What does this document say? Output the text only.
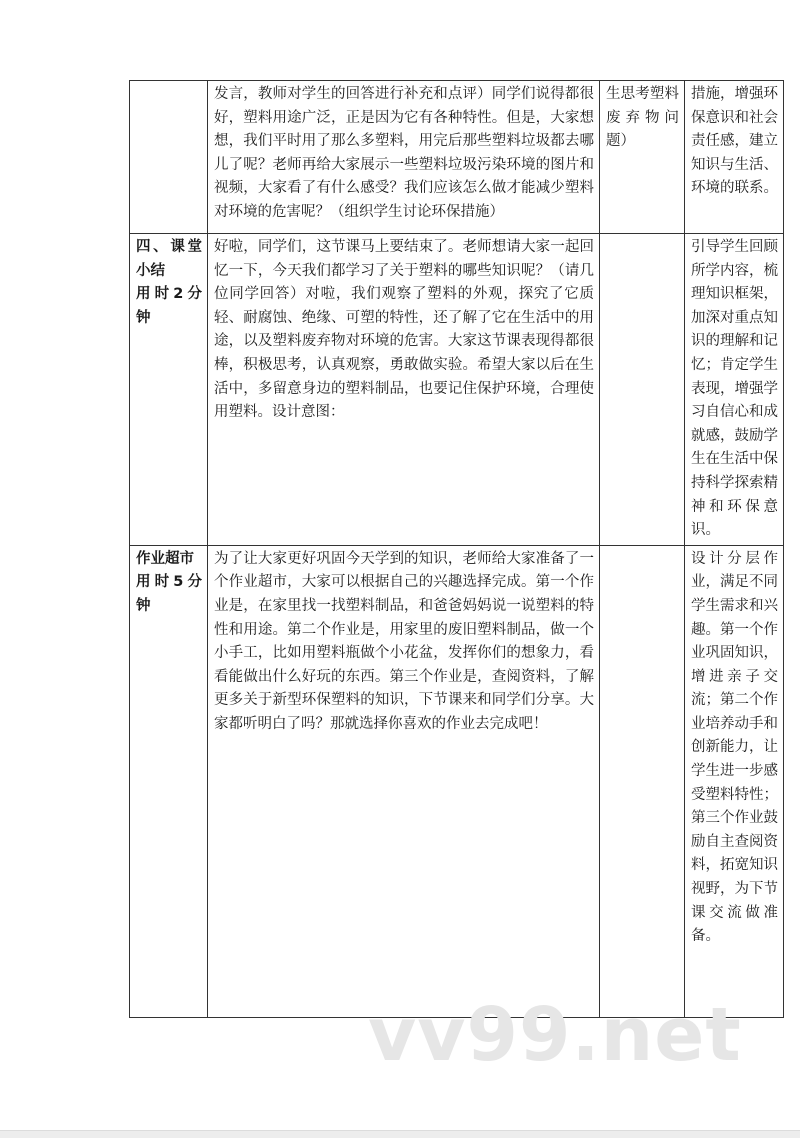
	发言，教师对学生的回答进行补充和点评）同学们说得都很好，塑料用途广泛，正是因为它有各种特性。但是，大家想想，我们平时用了那么多塑料，用完后那些塑料垃圾都去哪儿了呢？老师再给大家展示一些塑料垃圾污染环境的图片和视频，大家看了有什么感受？我们应该怎么做才能减少塑料对环境的危害呢？（组织学生讨论环保措施）	生思考塑料废弃物问题）	措施，增强环保意识和社会责任感，建立知识与生活、环境的联系。

四、课堂小结
用时2分钟	好啦，同学们，这节课马上要结束了。老师想请大家一起回忆一下，今天我们都学习了关于塑料的哪些知识呢？（请几位同学回答）对啦，我们观察了塑料的外观，探究了它质轻、耐腐蚀、绝缘、可塑的特性，还了解了它在生活中的用途，以及塑料废弃物对环境的危害。大家这节课表现得都很棒，积极思考，认真观察，勇敢做实验。希望大家以后在生活中，多留意身边的塑料制品，也要记住保护环境，合理使用塑料。设计意图：		引导学生回顾所学内容，梳理知识框架，加深对重点知识的理解和记忆；肯定学生表现，增强学习自信心和成就感，鼓励学生在生活中保持科学探索精神和环保意识。

作业超市
用时5分钟	为了让大家更好巩固今天学到的知识，老师给大家准备了一个作业超市，大家可以根据自己的兴趣选择完成。第一个作业是，在家里找一找塑料制品，和爸爸妈妈说一说塑料的特性和用途。第二个作业是，用家里的废旧塑料制品，做一个小手工，比如用塑料瓶做个小花盆，发挥你们的想象力，看看能做出什么好玩的东西。第三个作业是，查阅资料，了解更多关于新型环保塑料的知识，下节课来和同学们分享。大家都听明白了吗？那就选择你喜欢的作业去完成吧！		设计分层作业，满足不同学生需求和兴趣。第一个作业巩固知识，增进亲子交流；第二个作业培养动手和创新能力，让学生进一步感受塑料特性；第三个作业鼓励自主查阅资料，拓宽知识视野，为下节课交流做准备。
vv99.net
